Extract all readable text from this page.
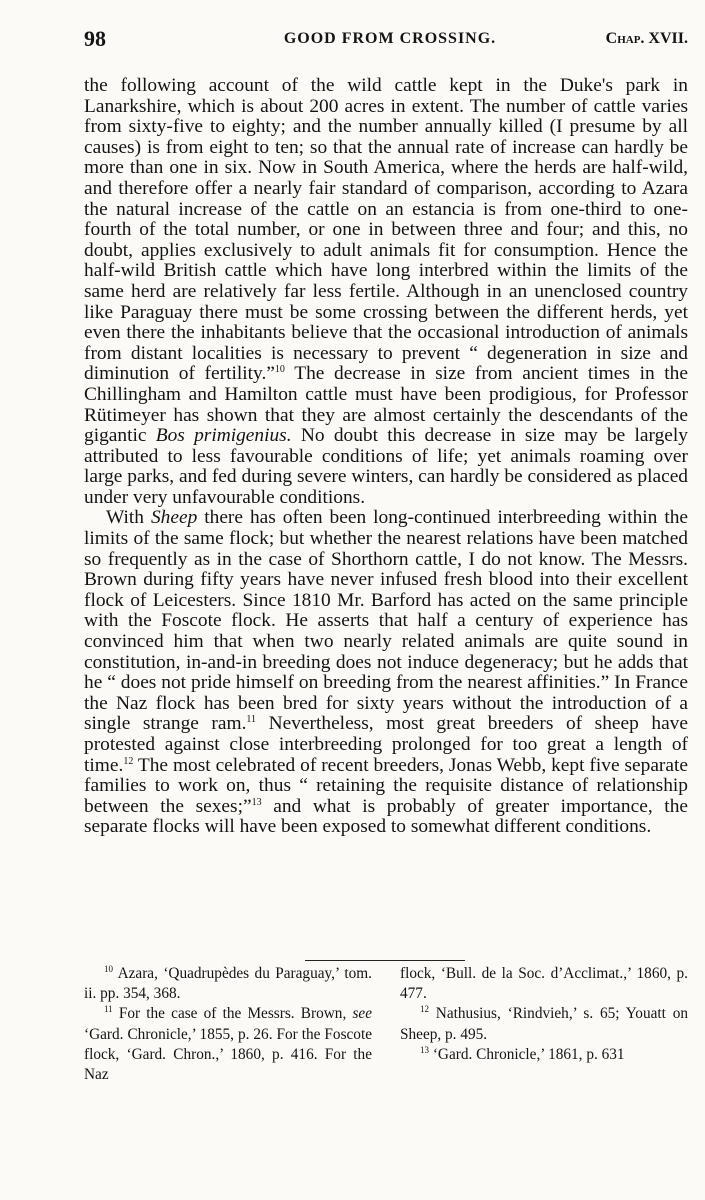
98	GOOD FROM CROSSING.	Chap. XVII.

the following account of the wild cattle kept in the Duke's park in Lanarkshire, which is about 200 acres in extent. The number of cattle varies from sixty-five to eighty; and the number annually killed (I presume by all causes) is from eight to ten; so that the annual rate of increase can hardly be more than one in six. Now in South America, where the herds are half-wild, and therefore offer a nearly fair standard of comparison, according to Azara the natural increase of the cattle on an estancia is from one-third to one-fourth of the total number, or one in between three and four; and this, no doubt, applies exclusively to adult animals fit for consumption. Hence the half-wild British cattle which have long interbred within the limits of the same herd are relatively far less fertile. Although in an unenclosed country like Paraguay there must be some crossing between the different herds, yet even there the inhabitants believe that the occasional introduction of animals from distant localities is necessary to prevent “ degeneration in size and diminution of fertility.”$^{10}$ The decrease in size from ancient times in the Chillingham and Hamilton cattle must have been prodigious, for Professor Rütimeyer has shown that they are almost certainly the descendants of the gigantic Bos primigenius. No doubt this decrease in size may be largely attributed to less favourable conditions of life; yet animals roaming over large parks, and fed during severe winters, can hardly be considered as placed under very unfavourable conditions.

With Sheep there has often been long-continued interbreeding within the limits of the same flock; but whether the nearest relations have been matched so frequently as in the case of Shorthorn cattle, I do not know. The Messrs. Brown during fifty years have never infused fresh blood into their excellent flock of Leicesters. Since 1810 Mr. Barford has acted on the same principle with the Foscote flock. He asserts that half a century of experience has convinced him that when two nearly related animals are quite sound in constitution, in-and-in breeding does not induce degeneracy; but he adds that he “ does not pride himself on breeding from the nearest affinities.” In France the Naz flock has been bred for sixty years without the introduction of a single strange ram.$^{11}$ Nevertheless, most great breeders of sheep have protested against close interbreeding prolonged for too great a length of time.$^{12}$ The most celebrated of recent breeders, Jonas Webb, kept five separate families to work on, thus “ retaining the requisite distance of relationship between the sexes;”$^{13}$ and what is probably of greater importance, the separate flocks will have been exposed to somewhat different conditions.

$^{10}$ Azara, ‘Quadrupèdes du Paraguay,’ tom. ii. pp. 354, 368.

$^{11}$ For the case of the Messrs. Brown, see ‘Gard. Chronicle,’ 1855, p. 26. For the Foscote flock, ‘Gard. Chron.,’ 1860, p. 416. For the Naz

flock, ‘Bull. de la Soc. d’Acclimat.,’ 1860, p. 477.

$^{12}$ Nathusius, ‘Rindvieh,’ s. 65; Youatt on Sheep, p. 495.

$^{13}$ ‘Gard. Chronicle,’ 1861, p. 631
